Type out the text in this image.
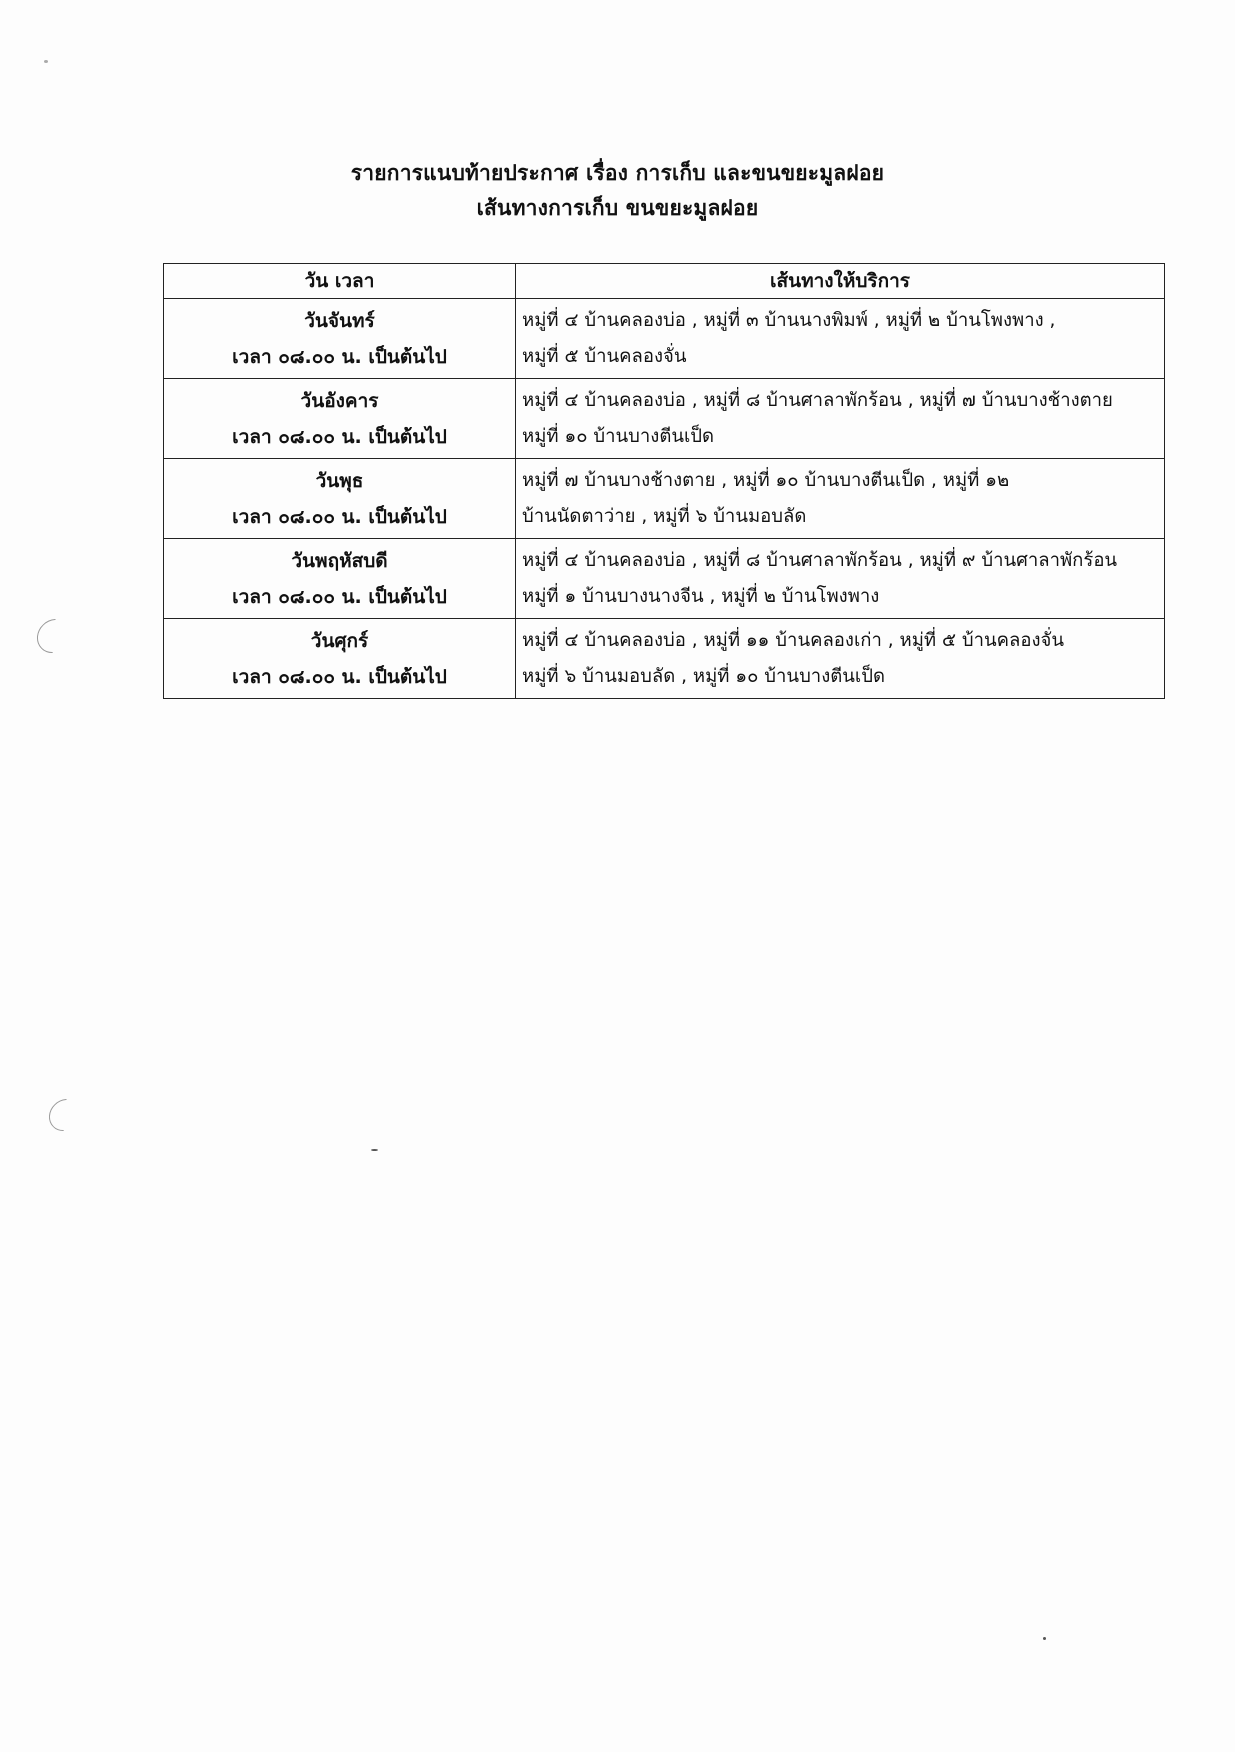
รายการแนบท้ายประกาศ เรื่อง การเก็บ และขนขยะมูลฝอย
เส้นทางการเก็บ ขนขยะมูลฝอย
วัน เวลา	เส้นทางให้บริการ

วันจันทร์
เวลา ๐๘.๐๐ น. เป็นต้นไป	หมู่ที่ ๔ บ้านคลองบ่อ , หมู่ที่ ๓ บ้านนางพิมพ์ , หมู่ที่ ๒ บ้านโพงพาง ,
หมู่ที่ ๕ บ้านคลองจั่น

วันอังคาร
เวลา ๐๘.๐๐ น. เป็นต้นไป	หมู่ที่ ๔ บ้านคลองบ่อ , หมู่ที่ ๘ บ้านศาลาพักร้อน , หมู่ที่ ๗ บ้านบางช้างตาย
หมู่ที่ ๑๐ บ้านบางตีนเป็ด

วันพุธ
เวลา ๐๘.๐๐ น. เป็นต้นไป	หมู่ที่ ๗ บ้านบางช้างตาย , หมู่ที่ ๑๐ บ้านบางตีนเป็ด , หมู่ที่ ๑๒
บ้านนัดตาว่าย , หมู่ที่ ๖ บ้านมอบลัด

วันพฤหัสบดี
เวลา ๐๘.๐๐ น. เป็นต้นไป	หมู่ที่ ๔ บ้านคลองบ่อ , หมู่ที่ ๘ บ้านศาลาพักร้อน , หมู่ที่ ๙ บ้านศาลาพักร้อน
หมู่ที่ ๑ บ้านบางนางจีน , หมู่ที่ ๒ บ้านโพงพาง

วันศุกร์
เวลา ๐๘.๐๐ น. เป็นต้นไป	หมู่ที่ ๔ บ้านคลองบ่อ , หมู่ที่ ๑๑ บ้านคลองเก่า , หมู่ที่ ๕ บ้านคลองจั่น
หมู่ที่ ๖ บ้านมอบลัด , หมู่ที่ ๑๐ บ้านบางตีนเป็ด
